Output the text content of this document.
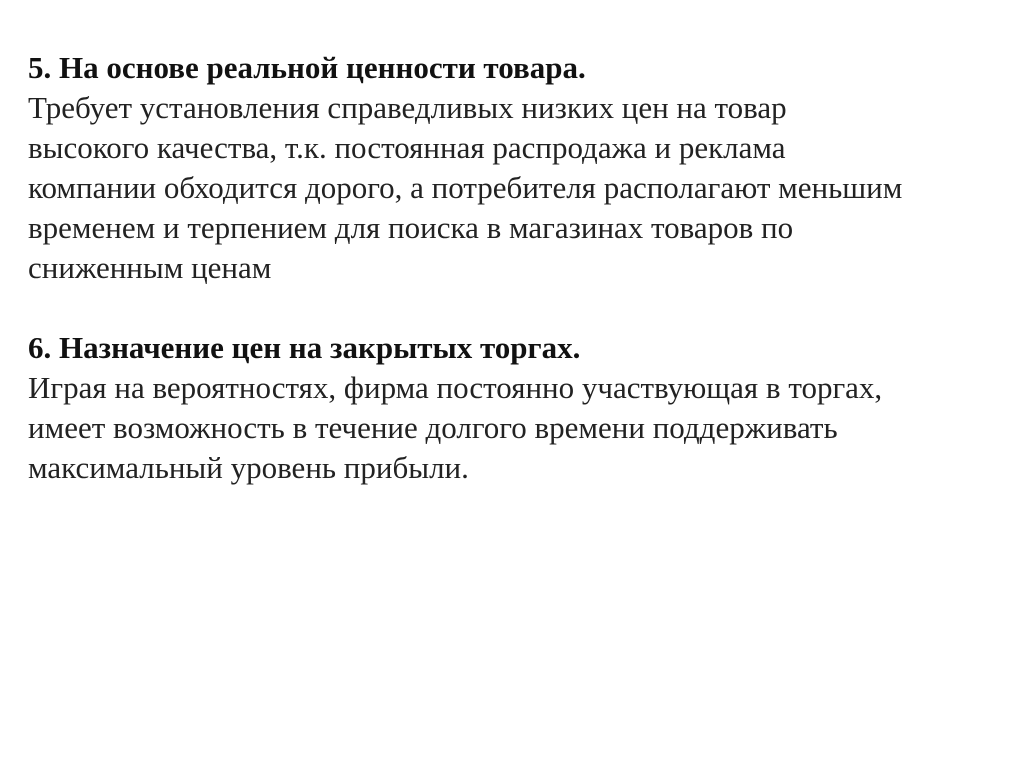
5. На основе реальной ценности товара.
Требует установления справедливых низких цен на товар
высокого качества, т.к. постоянная распродажа и реклама
компании обходится дорого, а потребителя располагают меньшим
временем и терпением для поиска в магазинах товаров по
сниженным ценам
6. Назначение цен на закрытых торгах.
Играя на вероятностях, фирма постоянно участвующая в торгах,
имеет возможность в течение долгого времени поддерживать
максимальный уровень прибыли.
